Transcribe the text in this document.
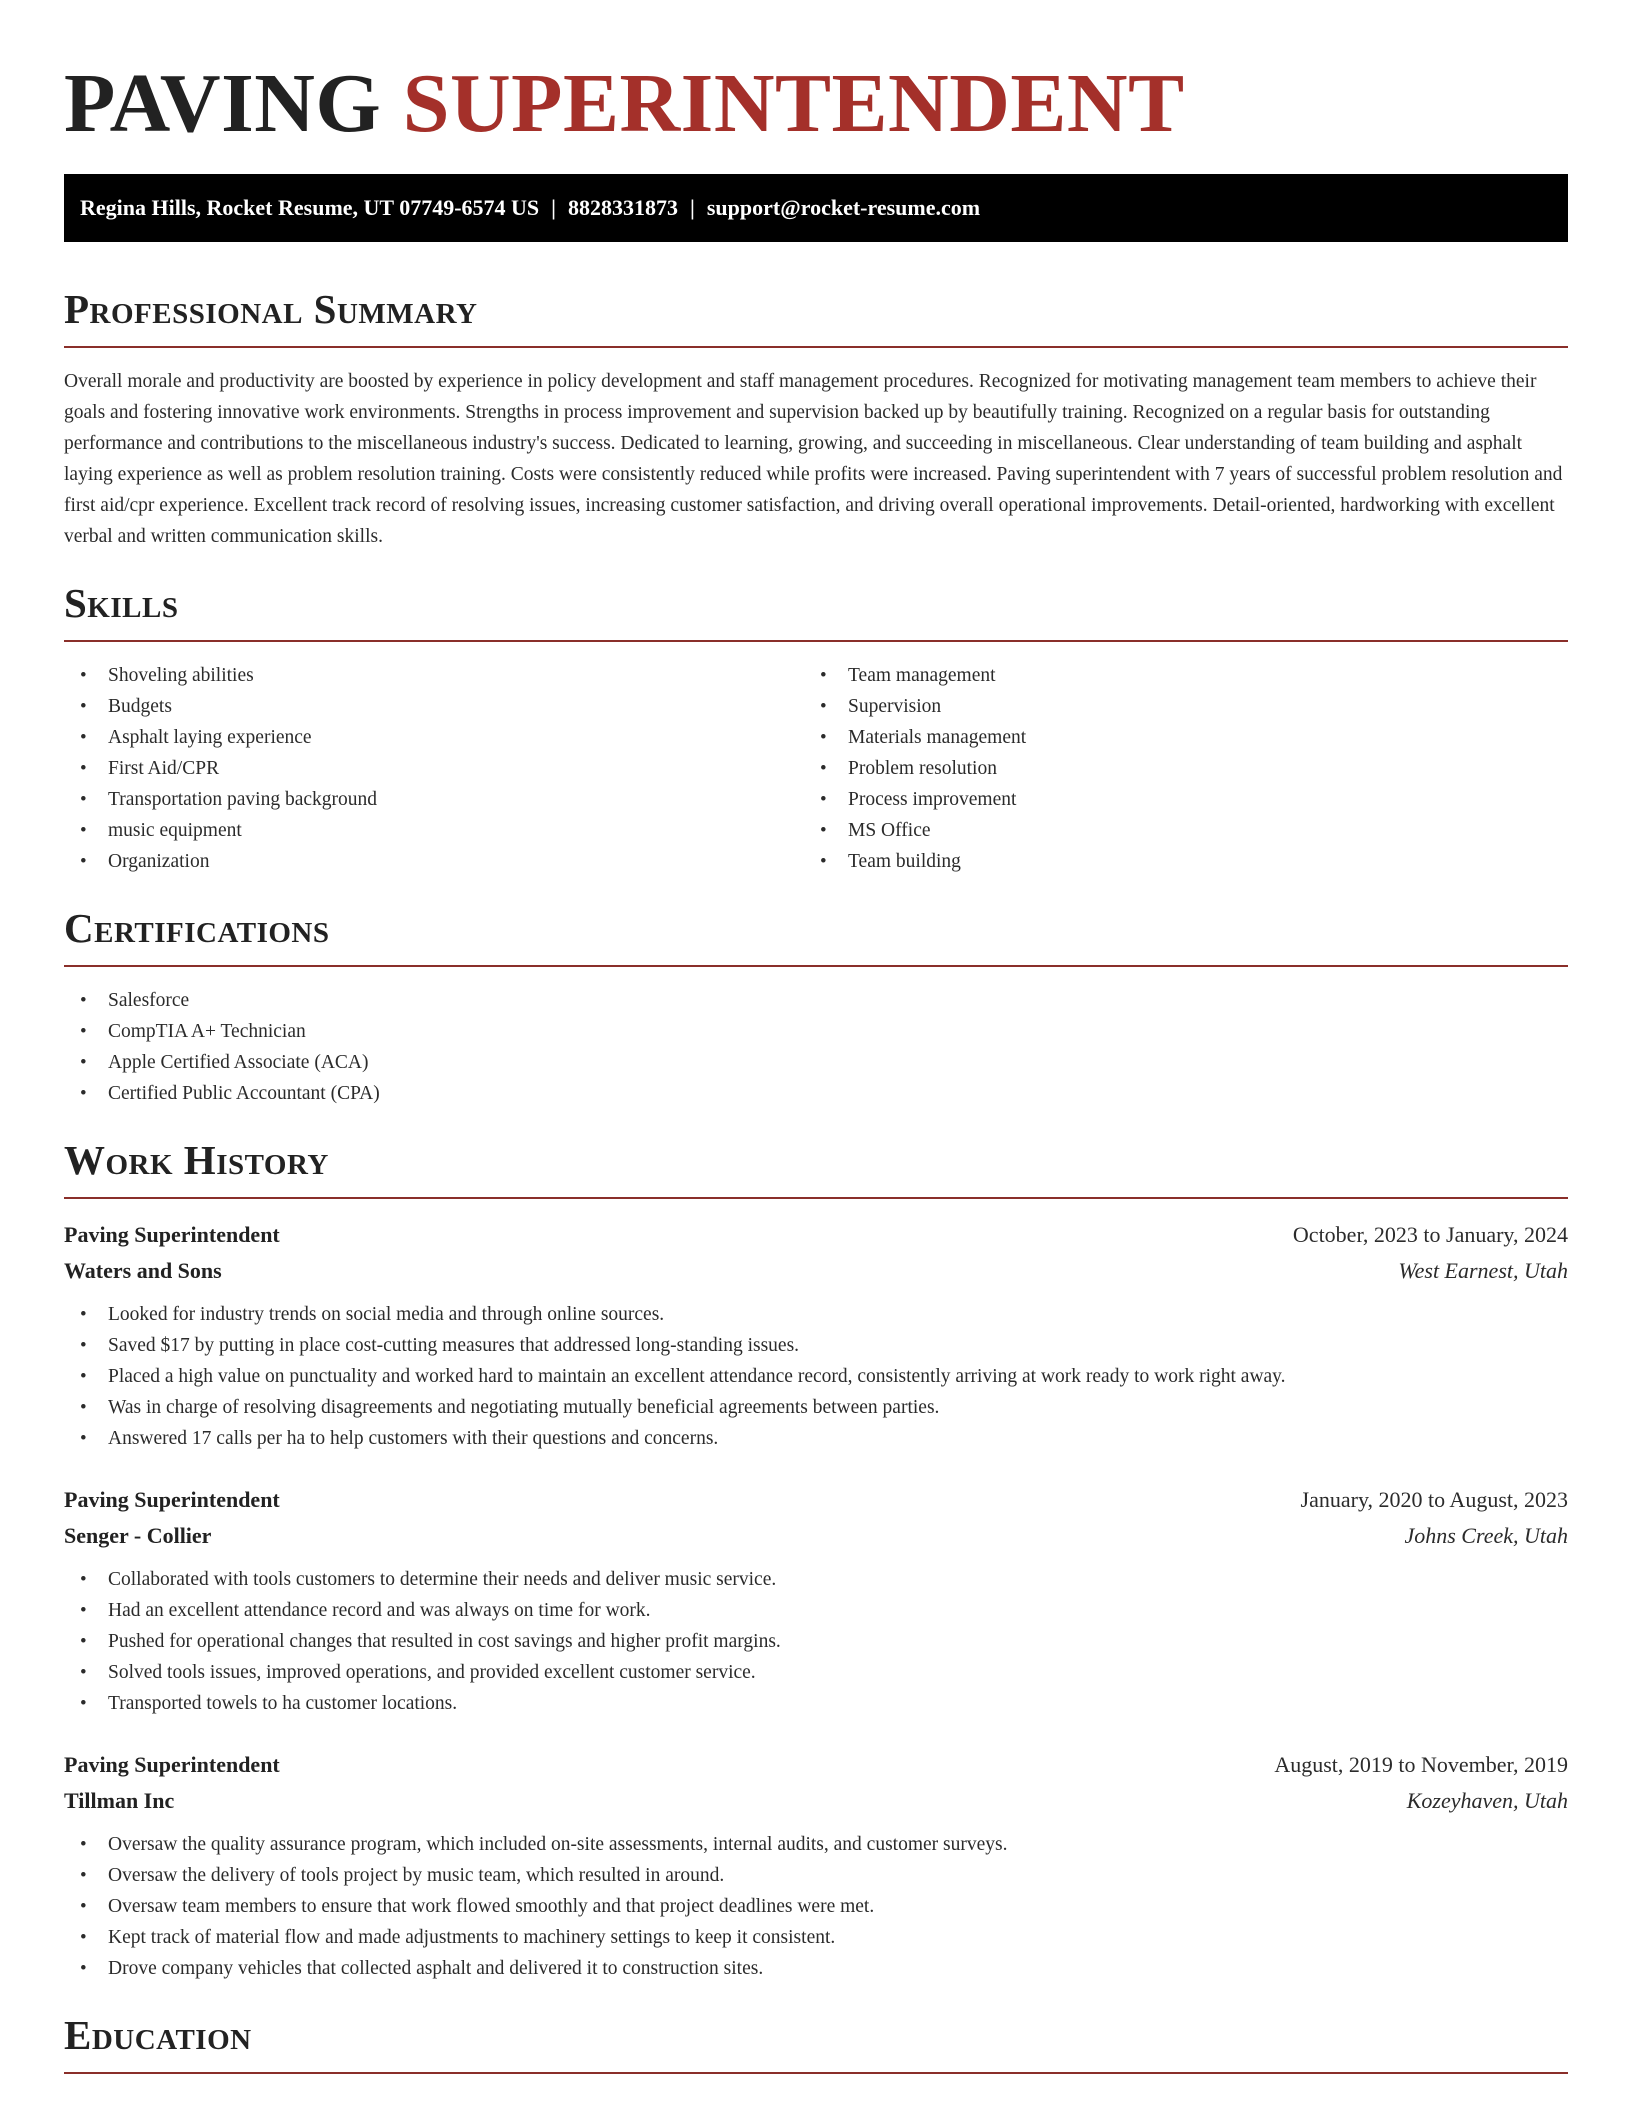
PAVING SUPERINTENDENT
Regina Hills, Rocket Resume, UT 07749-6574 US | 8828331873 | support@rocket-resume.com
Professional Summary

Overall morale and productivity are boosted by experience in policy development and staff management procedures. Recognized for motivating management team members to achieve their goals and fostering innovative work environments. Strengths in process improvement and supervision backed up by beautifully training. Recognized on a regular basis for outstanding performance and contributions to the miscellaneous industry's success. Dedicated to learning, growing, and succeeding in miscellaneous. Clear understanding of team building and asphalt laying experience as well as problem resolution training. Costs were consistently reduced while profits were increased. Paving superintendent with 7 years of successful problem resolution and first aid/cpr experience. Excellent track record of resolving issues, increasing customer satisfaction, and driving overall operational improvements. Detail-oriented, hardworking with excellent verbal and written communication skills.

Skills
• Shoveling abilities
• Budgets
• Asphalt laying experience
• First Aid/CPR
• Transportation paving background
• music equipment
• Organization
• Team management
• Supervision
• Materials management
• Problem resolution
• Process improvement
• MS Office
• Team building
Certifications
• Salesforce
• CompTIA A+ Technician
• Apple Certified Associate (ACA)
• Certified Public Accountant (CPA)
Work History
Paving Superintendent	October, 2023 to January, 2024
Waters and Sons	West Earnest, Utah
• Looked for industry trends on social media and through online sources.
• Saved $17 by putting in place cost-cutting measures that addressed long-standing issues.
• Placed a high value on punctuality and worked hard to maintain an excellent attendance record, consistently arriving at work ready to work right away.
• Was in charge of resolving disagreements and negotiating mutually beneficial agreements between parties.
• Answered 17 calls per ha to help customers with their questions and concerns.
Paving Superintendent	January, 2020 to August, 2023
Senger - Collier	Johns Creek, Utah
• Collaborated with tools customers to determine their needs and deliver music service.
• Had an excellent attendance record and was always on time for work.
• Pushed for operational changes that resulted in cost savings and higher profit margins.
• Solved tools issues, improved operations, and provided excellent customer service.
• Transported towels to ha customer locations.
Paving Superintendent	August, 2019 to November, 2019
Tillman Inc	Kozeyhaven, Utah
• Oversaw the quality assurance program, which included on-site assessments, internal audits, and customer surveys.
• Oversaw the delivery of tools project by music team, which resulted in around.
• Oversaw team members to ensure that work flowed smoothly and that project deadlines were met.
• Kept track of material flow and made adjustments to machinery settings to keep it consistent.
• Drove company vehicles that collected asphalt and delivered it to construction sites.
Education
